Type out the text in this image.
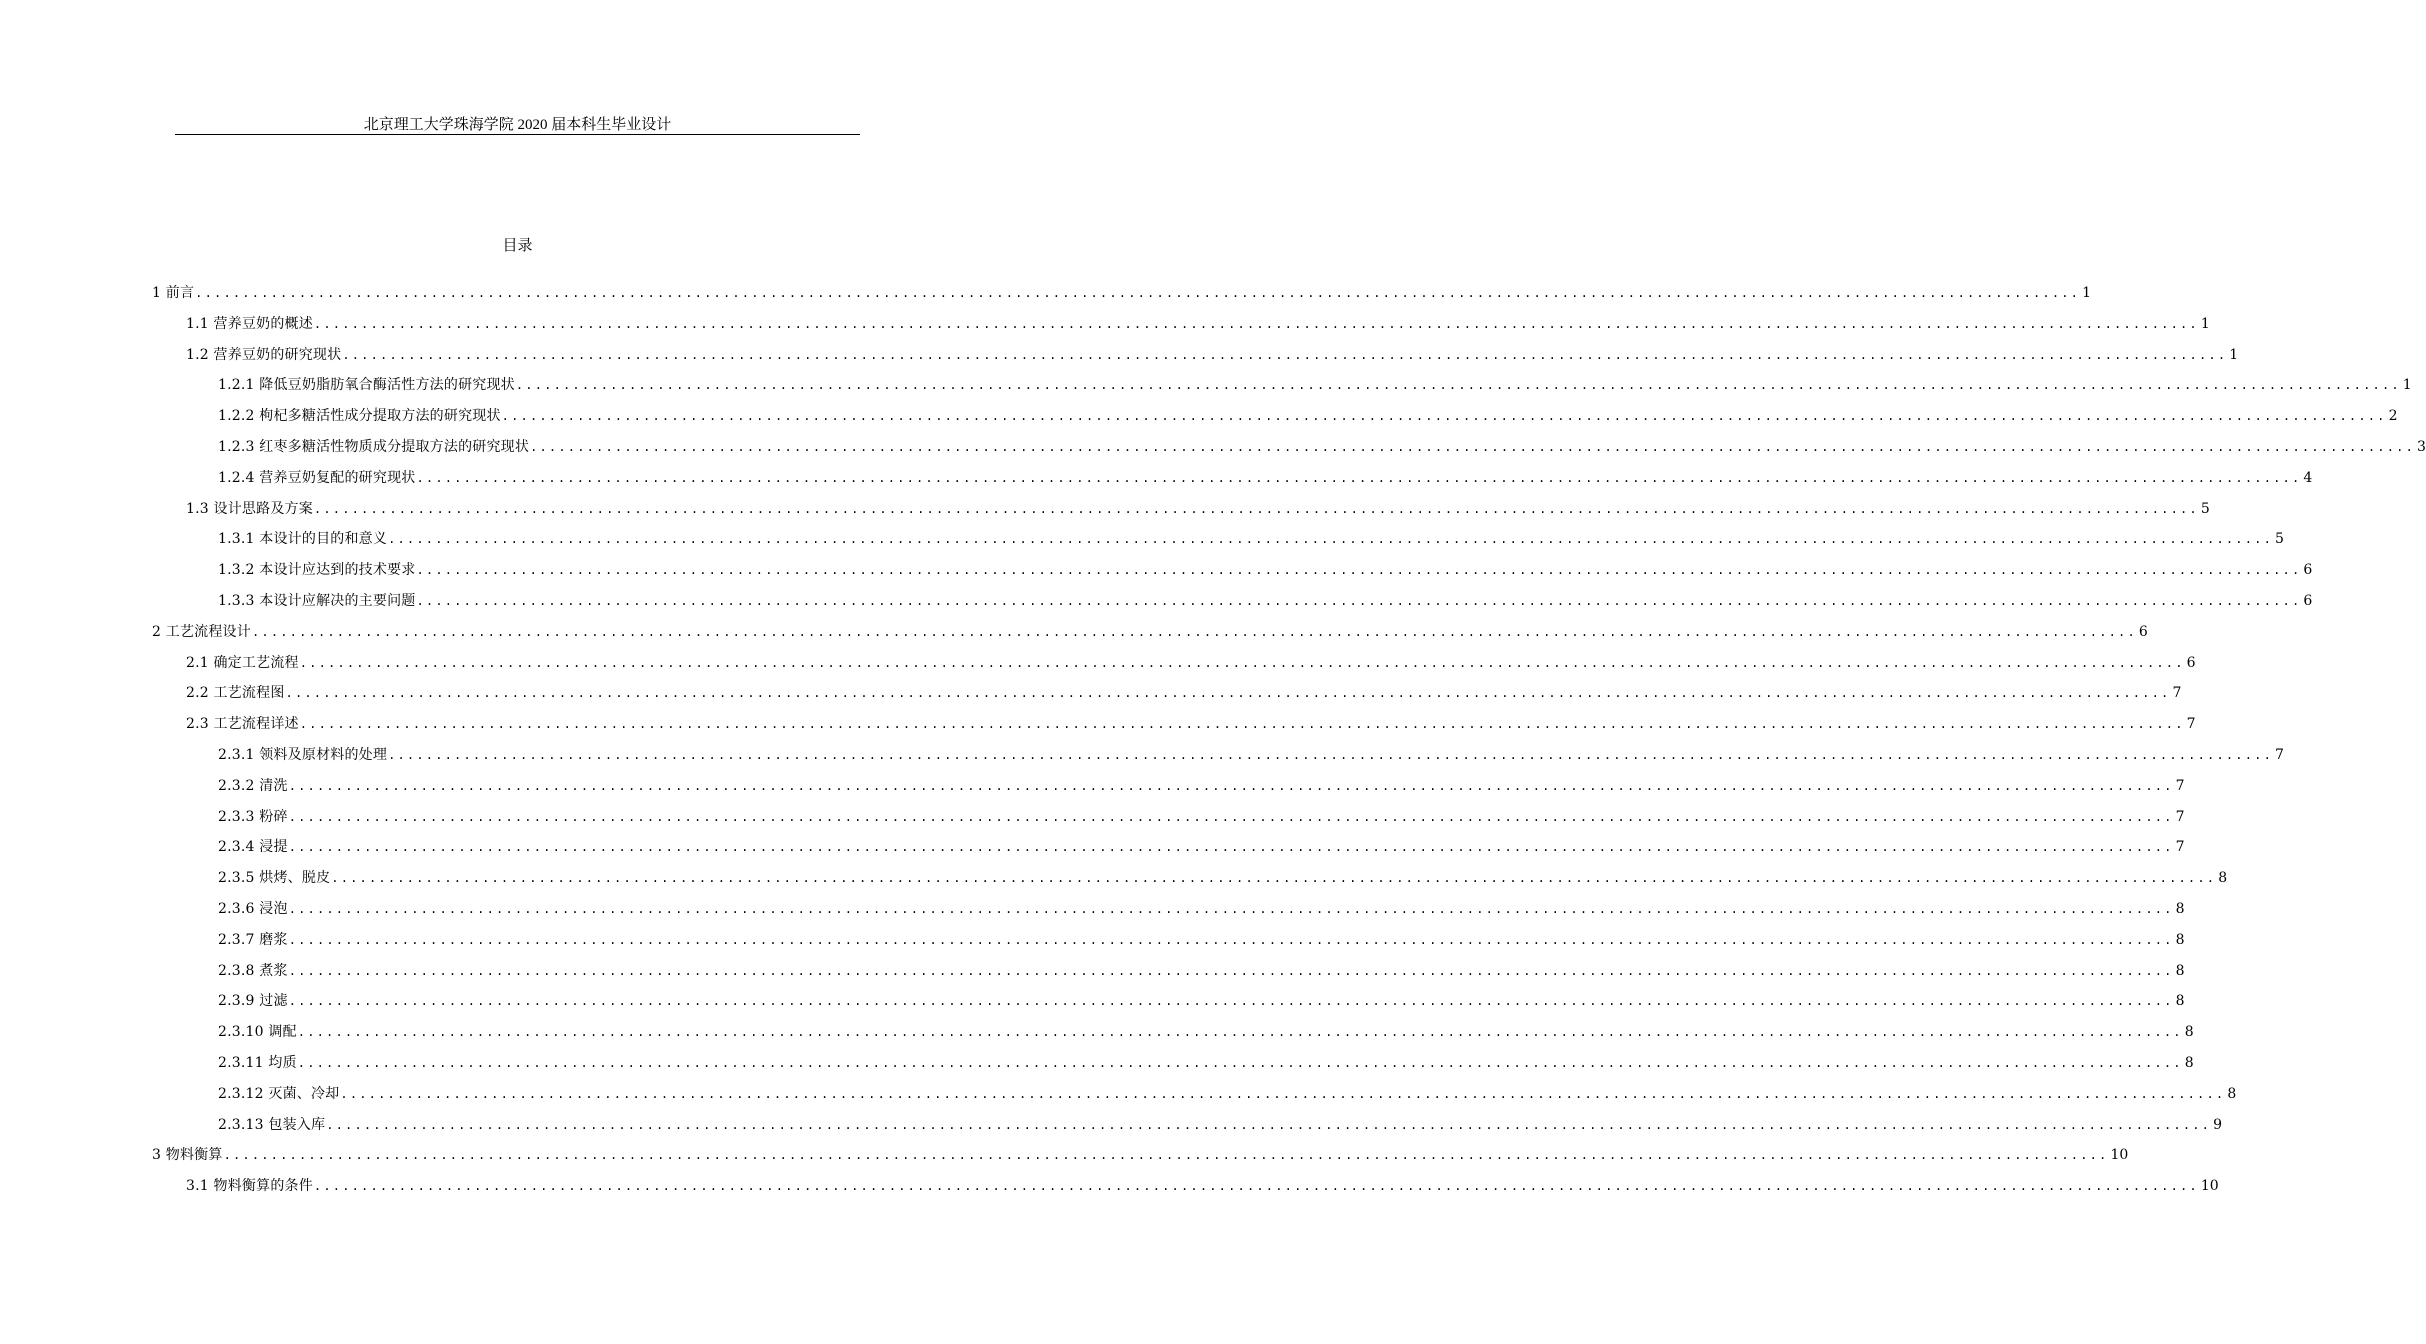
北京理工大学珠海学院 2020 届本科生毕业设计
目录
1 前言 ........................................................................................................................................................................................................ 1
1.1 营养豆奶的概述 ........................................................................................................................................................................................................ 1
1.2 营养豆奶的研究现状 ........................................................................................................................................................................................................ 1
1.2.1 降低豆奶脂肪氧合酶活性方法的研究现状 ........................................................................................................................................................................................................ 1
1.2.2 枸杞多糖活性成分提取方法的研究现状 ........................................................................................................................................................................................................ 2
1.2.3 红枣多糖活性物质成分提取方法的研究现状 ........................................................................................................................................................................................................ 3
1.2.4 营养豆奶复配的研究现状 ........................................................................................................................................................................................................ 4
1.3 设计思路及方案 ........................................................................................................................................................................................................ 5
1.3.1 本设计的目的和意义 ........................................................................................................................................................................................................ 5
1.3.2 本设计应达到的技术要求 ........................................................................................................................................................................................................ 6
1.3.3 本设计应解决的主要问题 ........................................................................................................................................................................................................ 6
2 工艺流程设计 ........................................................................................................................................................................................................ 6
2.1 确定工艺流程 ........................................................................................................................................................................................................ 6
2.2 工艺流程图 ........................................................................................................................................................................................................ 7
2.3 工艺流程详述 ........................................................................................................................................................................................................ 7
2.3.1 领料及原材料的处理 ........................................................................................................................................................................................................ 7
2.3.2 清洗 ........................................................................................................................................................................................................ 7
2.3.3 粉碎 ........................................................................................................................................................................................................ 7
2.3.4 浸提 ........................................................................................................................................................................................................ 7
2.3.5 烘烤、脱皮 ........................................................................................................................................................................................................ 8
2.3.6 浸泡 ........................................................................................................................................................................................................ 8
2.3.7 磨浆 ........................................................................................................................................................................................................ 8
2.3.8 煮浆 ........................................................................................................................................................................................................ 8
2.3.9 过滤 ........................................................................................................................................................................................................ 8
2.3.10 调配 ........................................................................................................................................................................................................ 8
2.3.11 均质 ........................................................................................................................................................................................................ 8
2.3.12 灭菌、冷却 ........................................................................................................................................................................................................ 8
2.3.13 包装入库 ........................................................................................................................................................................................................ 9
3 物料衡算 ........................................................................................................................................................................................................ 10
3.1 物料衡算的条件 ........................................................................................................................................................................................................ 10
